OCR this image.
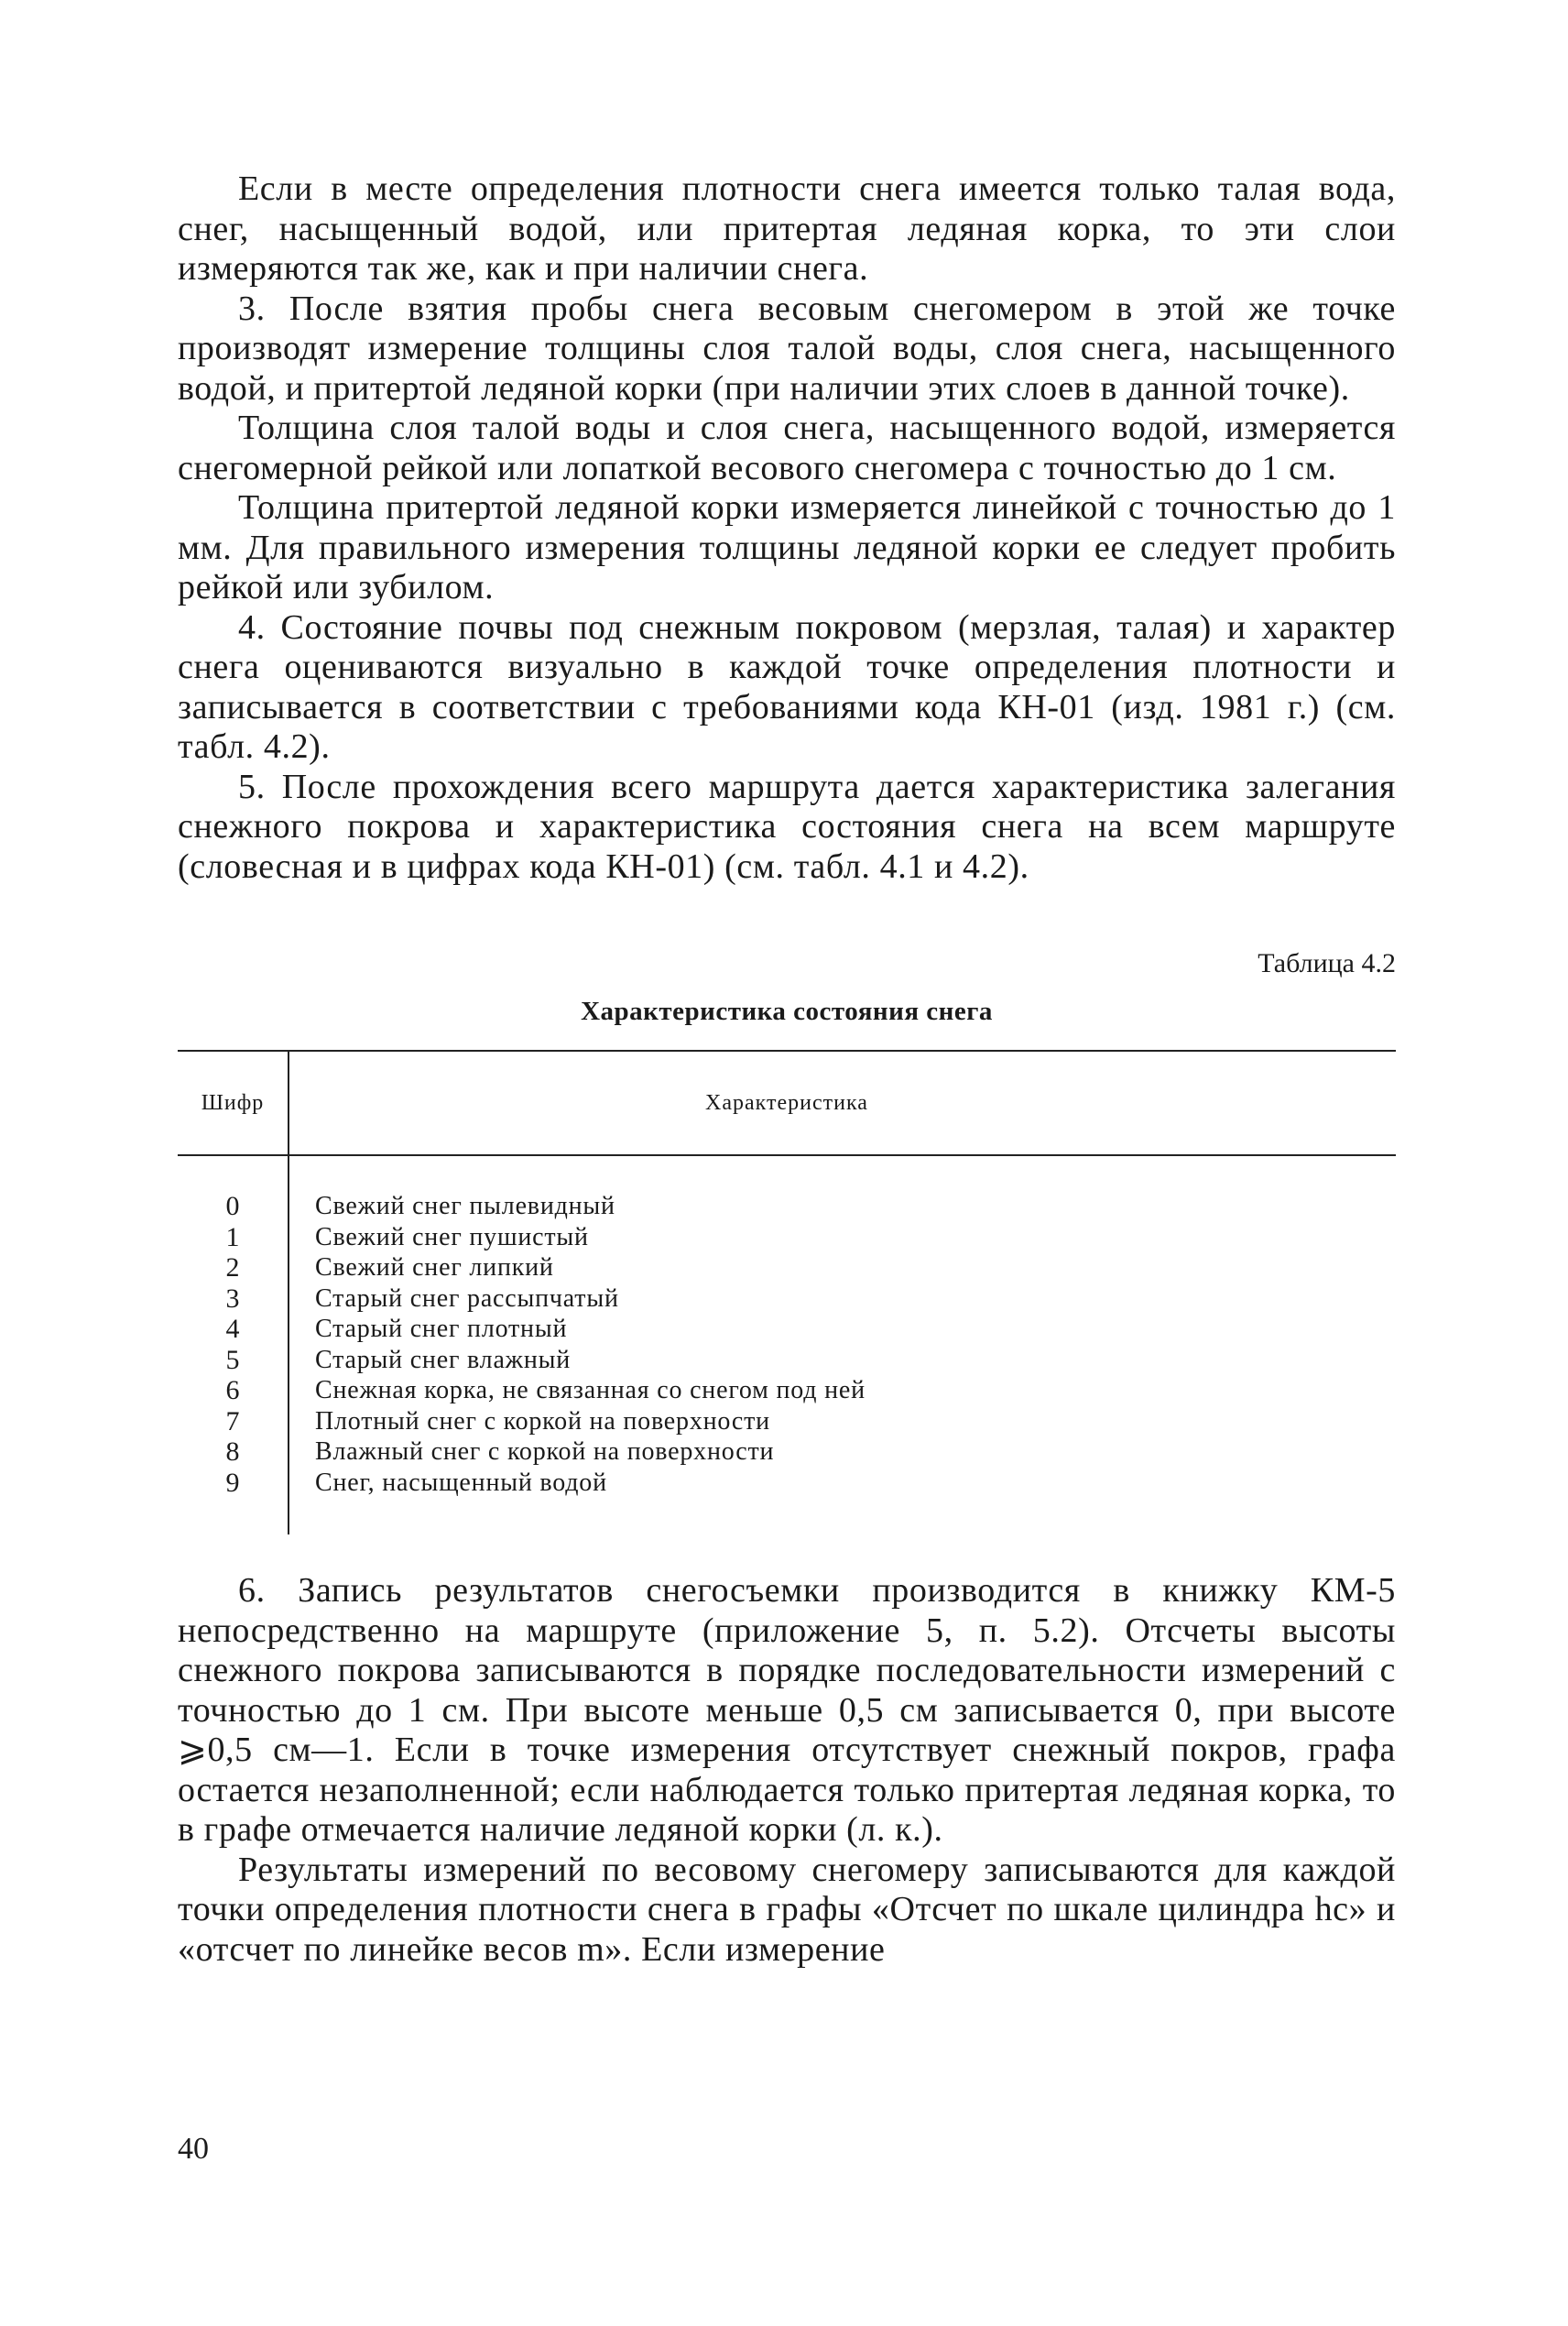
Если в месте определения плотности снега имеется только талая вода, снег, насыщенный водой, или притертая ледяная корка, то эти слои измеряются так же, как и при наличии снега.

3. После взятия пробы снега весовым снегомером в этой же точке производят измерение толщины слоя талой воды, слоя снега, насыщенного водой, и притертой ледяной корки (при наличии этих слоев в данной точке).

Толщина слоя талой воды и слоя снега, насыщенного водой, измеряется снегомерной рейкой или лопаткой весового снегомера с точностью до 1 см.

Толщина притертой ледяной корки измеряется линейкой с точностью до 1 мм. Для правильного измерения толщины ледяной корки ее следует пробить рейкой или зубилом.

4. Состояние почвы под снежным покровом (мерзлая, талая) и характер снега оцениваются визуально в каждой точке определения плотности и записывается в соответствии с требованиями кода КН-01 (изд. 1981 г.) (см. табл. 4.2).

5. После прохождения всего маршрута дается характеристика залегания снежного покрова и характеристика состояния снега на всем маршруте (словесная и в цифрах кода КН-01) (см. табл. 4.1 и 4.2).

Таблица 4.2
Характеристика состояния снега
Шифр	Характеристика
0
1
2
3
4
5
6
7
8
9
Свежий снег пылевидный
Свежий снег пушистый
Свежий снег липкий
Старый снег рассыпчатый
Старый снег плотный
Старый снег влажный
Снежная корка, не связанная со снегом под ней
Плотный снег с коркой на поверхности
Влажный снег с коркой на поверхности
Снег, насыщенный водой

6. Запись результатов снегосъемки производится в книжку КМ-5 непосредственно на маршруте (приложение 5, п. 5.2). Отсчеты высоты снежного покрова записываются в порядке последовательности измерений с точностью до 1 см. При высоте меньше 0,5 см записывается 0, при высоте ⩾0,5 см—1. Если в точке измерения отсутствует снежный покров, графа остается незаполненной; если наблюдается только притертая ледяная корка, то в графе отмечается наличие ледяной корки (л. к.).

Результаты измерений по весовому снегомеру записываются для каждой точки определения плотности снега в графы «Отсчет по шкале цилиндра hc» и «отсчет по линейке весов m». Если измерение

40
